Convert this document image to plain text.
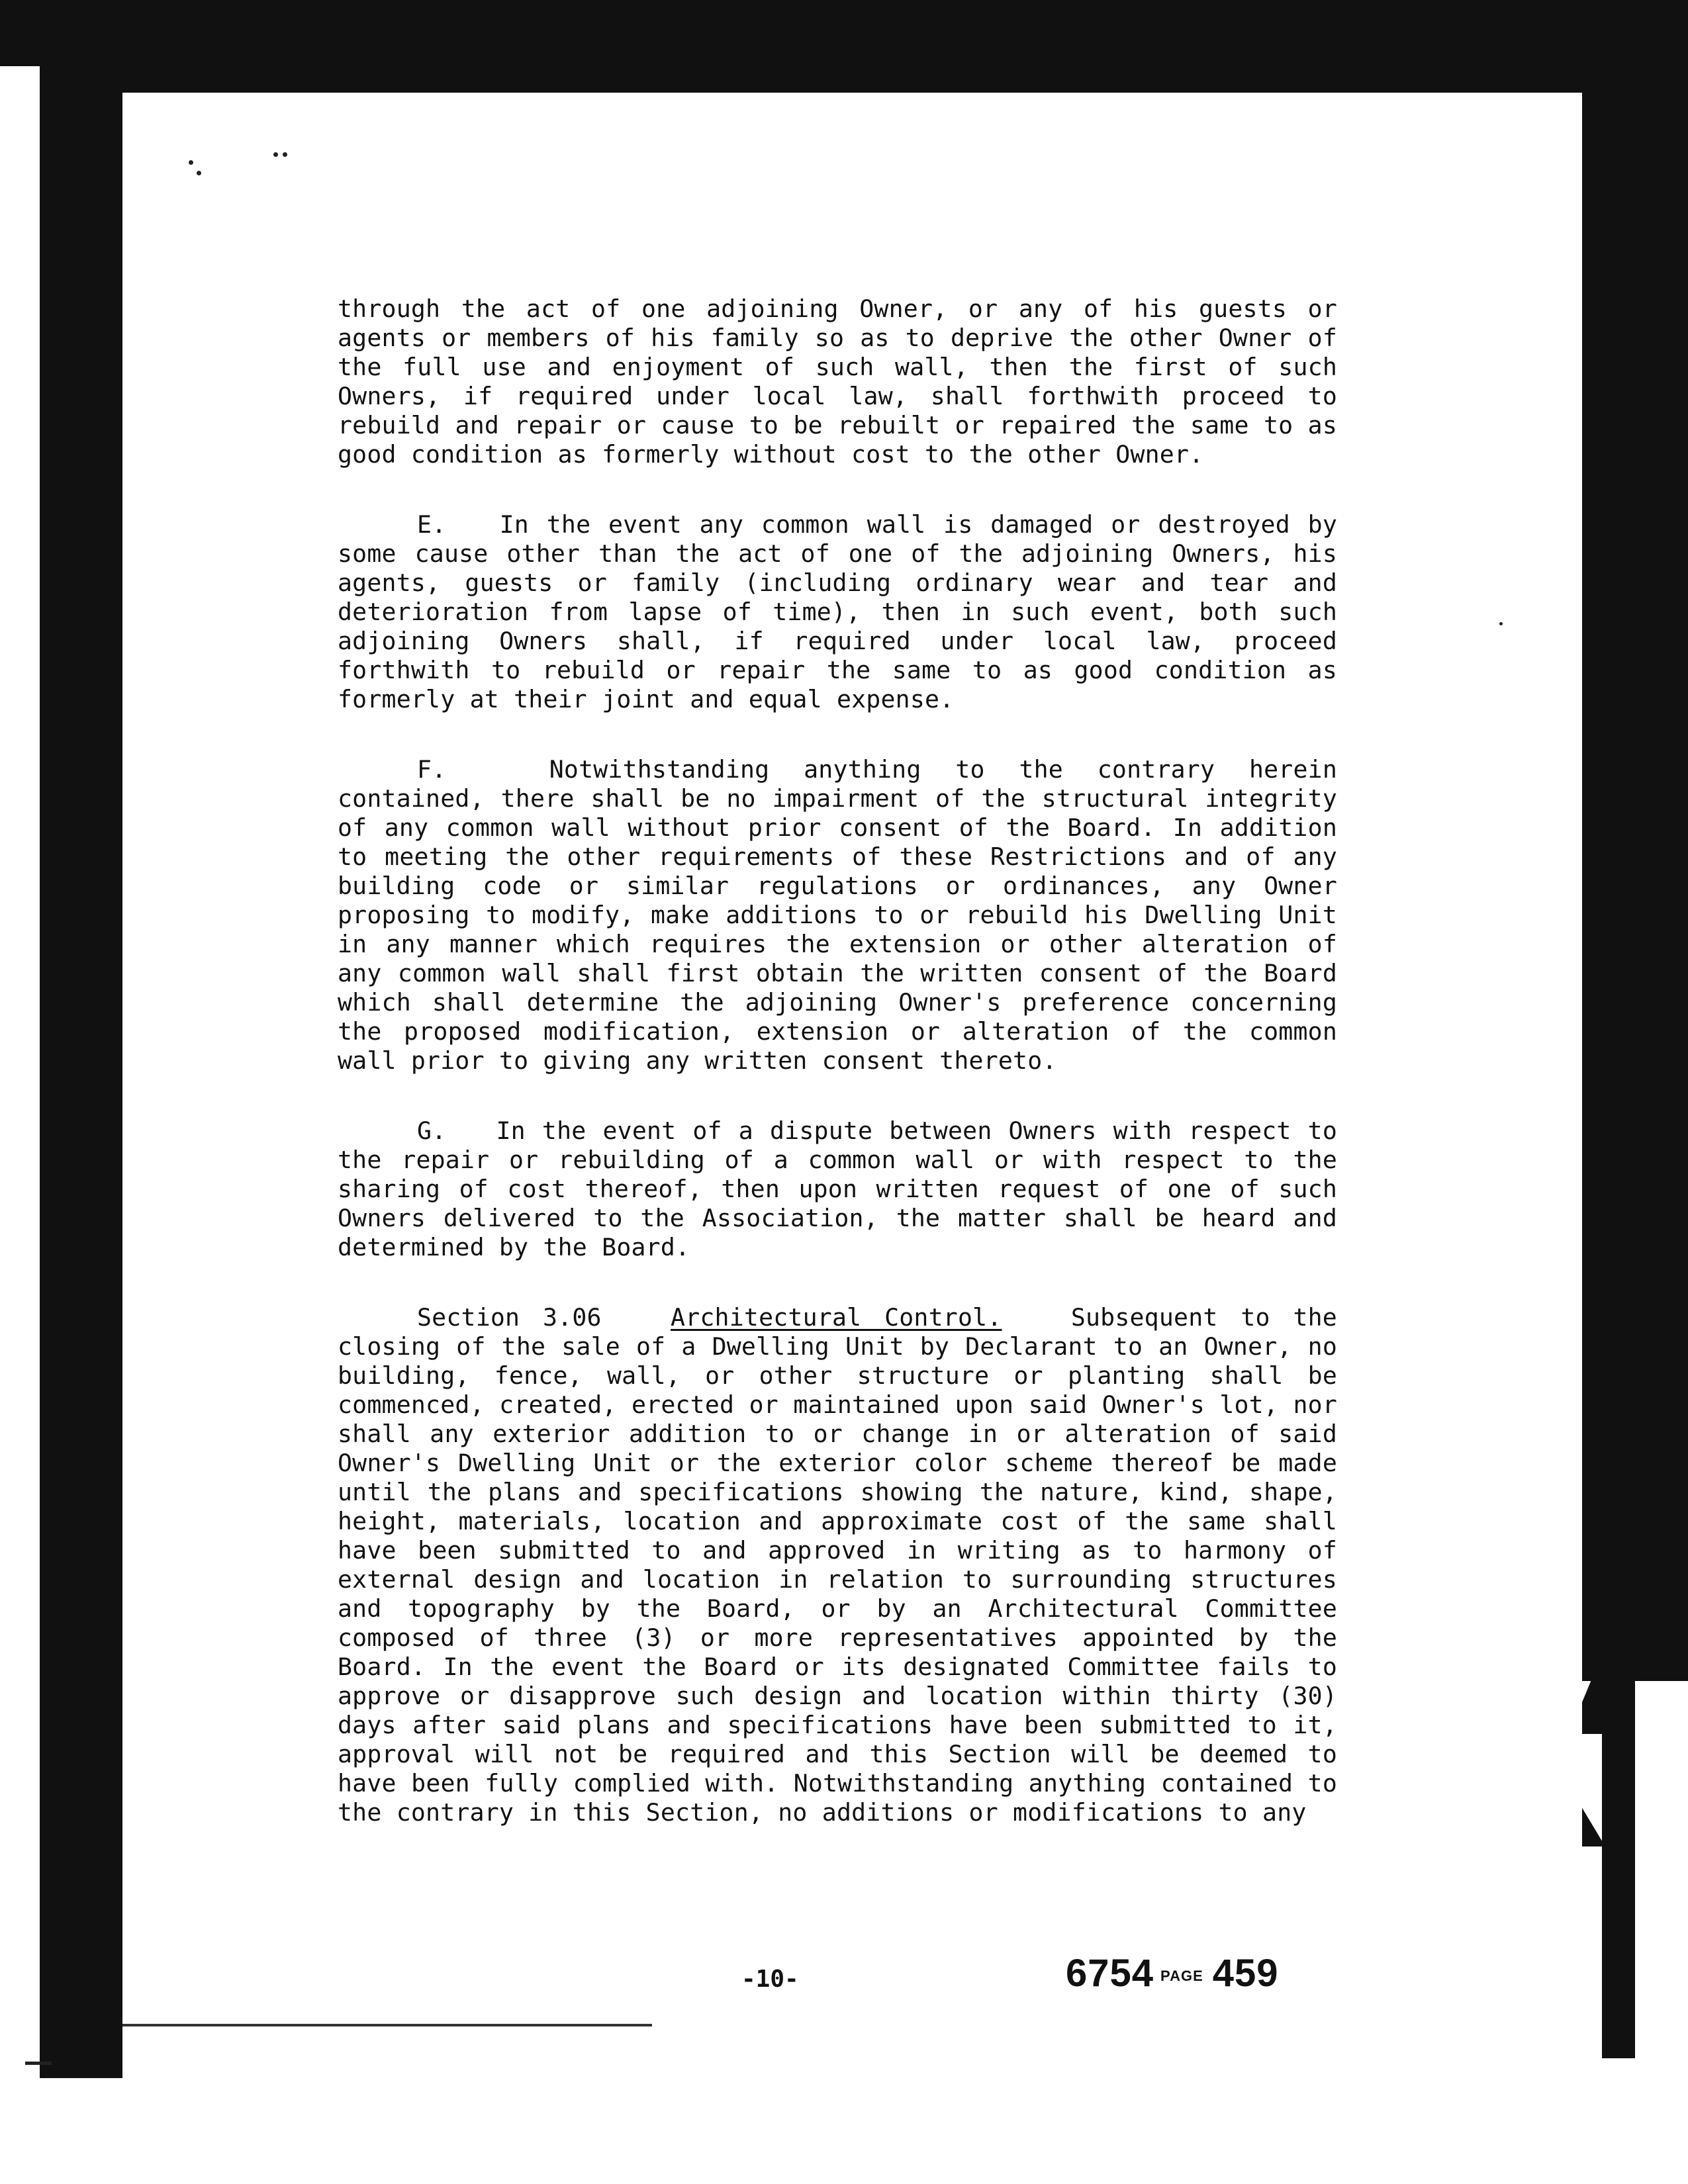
through the act of one adjoining Owner, or any of his guests or agents or members of his family so as to deprive the other Owner of the full use and enjoyment of such wall, then the first of such Owners, if required under local law, shall forthwith proceed to rebuild and repair or cause to be rebuilt or repaired the same to as good condition as formerly without cost to the other Owner.

E. In the event any common wall is damaged or destroyed by some cause other than the act of one of the adjoining Owners, his agents, guests or family (including ordinary wear and tear and deterioration from lapse of time), then in such event, both such adjoining Owners shall, if required under local law, proceed forthwith to rebuild or repair the same to as good condition as formerly at their joint and equal expense.

F.	Notwithstanding anything to the contrary herein contained, there shall be no impairment of the structural integrity of any common wall without prior consent of the Board. In addition to meeting the other requirements of these Restrictions and of any building code or similar regulations or ordinances, any Owner proposing to modify, make additions to or rebuild his Dwelling Unit in any manner which requires the extension or other alteration of any common wall shall first obtain the written consent of the Board which shall determine the adjoining Owner's preference concerning the proposed modification, extension or alteration of the common wall prior to giving any written consent thereto.

G. In the event of a dispute between Owners with respect to the repair or rebuilding of a common wall or with respect to the sharing of cost thereof, then upon written request of one of such Owners delivered to the Association, the matter shall be heard and determined by the Board.

Section 3.06	Architectural Control.	Subsequent to the closing of the sale of a Dwelling Unit by Declarant to an Owner, no building, fence, wall, or other structure or planting shall be commenced, created, erected or maintained upon said Owner's lot, nor shall any exterior addition to or change in or alteration of said Owner's Dwelling Unit or the exterior color scheme thereof be made until the plans and specifications showing the nature, kind, shape, height, materials, location and approximate cost of the same shall have been submitted to and approved in writing as to harmony of external design and location in relation to surrounding structures and topography by the Board, or by an Architectural Committee composed of three (3) or more representatives appointed by the Board. In the event the Board or its designated Committee fails to approve or disapprove such design and location within thirty (30) days after said plans and specifications have been submitted to it, approval will not be required and this Section will be deemed to have been fully complied with. Notwithstanding anything contained to the contrary in this Section, no additions or modifications to any

-10-	6754 PAGE 459
